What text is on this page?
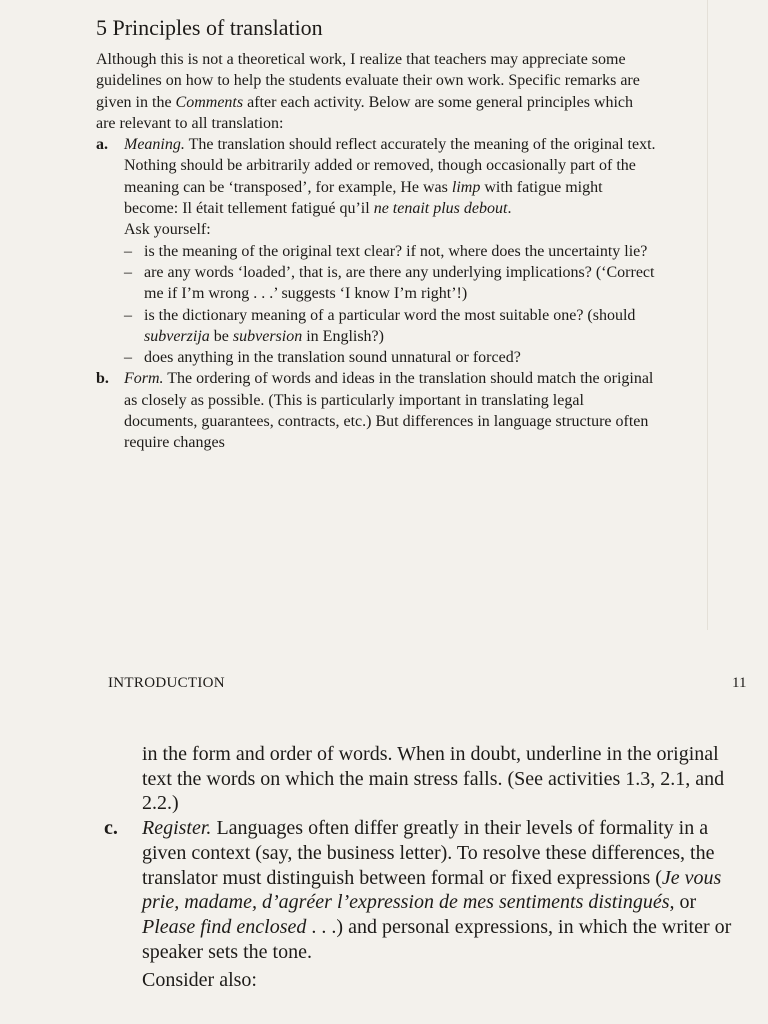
5 Principles of translation

Although this is not a theoretical work, I realize that teachers may appreciate some guidelines on how to help the students evaluate their own work. Specific remarks are given in the Comments after each activity. Below are some general principles which are relevant to all translation:

a. Meaning. The translation should reflect accurately the meaning of the original text. Nothing should be arbitrarily added or removed, though occasionally part of the meaning can be ‘transposed’, for example, He was limp with fatigue might become: Il était tellement fatigué qu’il ne tenait plus debout.
Ask yourself:
– is the meaning of the original text clear? if not, where does the uncertainty lie?
– are any words ‘loaded’, that is, are there any underlying implications? (‘Correct me if I’m wrong . . .’ suggests ‘I know I’m right’!)
– is the dictionary meaning of a particular word the most suitable one? (should subverzija be subversion in English?)
– does anything in the translation sound unnatural or forced?
b. Form. The ordering of words and ideas in the translation should match the original as closely as possible. (This is particularly important in translating legal documents, guarantees, contracts, etc.) But differences in language structure often require changes
INTRODUCTION	11
in the form and order of words. When in doubt, underline in the original text the words on which the main stress falls. (See activities 1.3, 2.1, and 2.2.)
c. Register. Languages often differ greatly in their levels of formality in a given context (say, the business letter). To resolve these differences, the translator must distinguish between formal or fixed expressions (Je vous prie, madame, d’agréer l’expression de mes sentiments distingués, or Please find enclosed . . .) and personal expressions, in which the writer or speaker sets the tone.
Consider also:
